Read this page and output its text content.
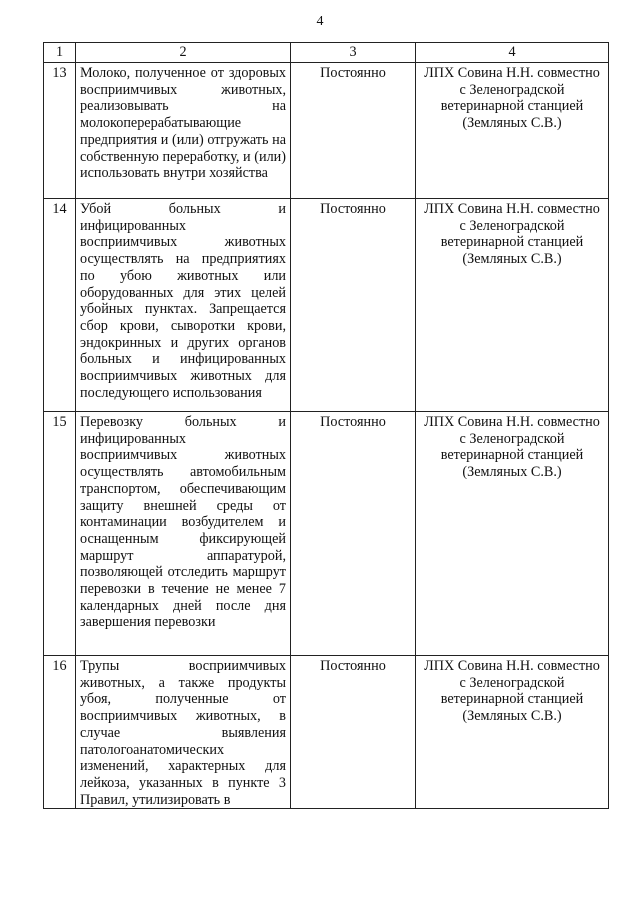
4
1	2	3	4
13	Молоко, полученное от здоровых восприимчивых животных, реализовывать на молокоперерабатывающие предприятия и (или) отгружать на собственную переработку, и (или) использовать внутри хозяйства	Постоянно	ЛПХ Совина Н.Н. совместно с Зеленоградской ветеринарной станцией (Земляных С.В.)
14	Убой больных и инфицированных восприимчивых животных осуществлять на предприятиях по убою животных или оборудованных для этих целей убойных пунктах. Запрещается сбор крови, сыворотки крови, эндокринных и других органов больных и инфицированных восприимчивых животных для последующего использования	Постоянно	ЛПХ Совина Н.Н. совместно с Зеленоградской ветеринарной станцией (Земляных С.В.)
15	Перевозку больных и инфицированных восприимчивых животных осуществлять автомобильным транспортом, обеспечивающим защиту внешней среды от контаминации возбудителем и оснащенным фиксирующей маршрут аппаратурой, позволяющей отследить маршрут перевозки в течение не менее 7 календарных дней после дня завершения перевозки	Постоянно	ЛПХ Совина Н.Н. совместно с Зеленоградской ветеринарной станцией (Земляных С.В.)
16	Трупы восприимчивых животных, а также продукты убоя, полученные от восприимчивых животных, в случае выявления патологоанатомических изменений, характерных для лейкоза, указанных в пункте 3 Правил, утилизировать в	Постоянно	ЛПХ Совина Н.Н. совместно с Зеленоградской ветеринарной станцией (Земляных С.В.)
